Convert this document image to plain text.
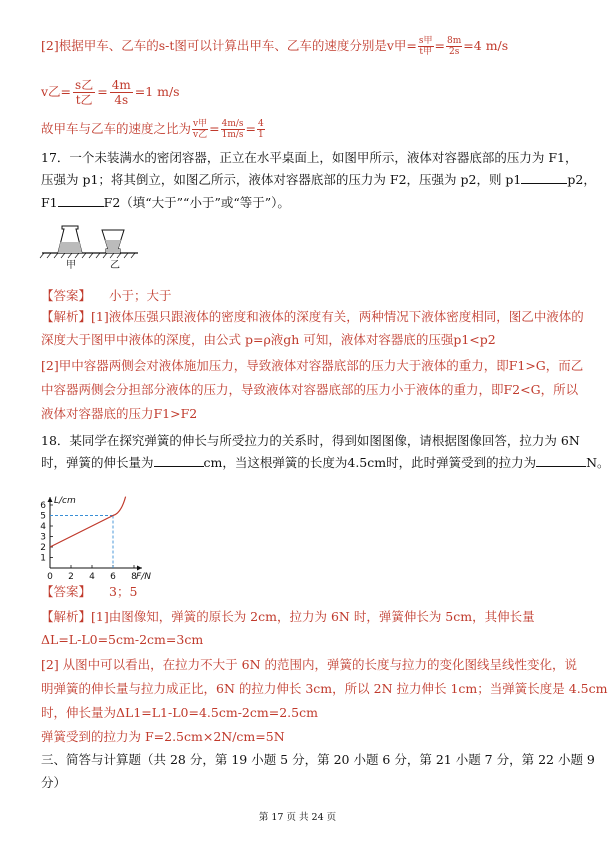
[2]根据甲车、乙车的s-t图可以计算出甲车、乙车的速度分别是v甲= $\frac{\text{s甲}}{\text{t甲}} = \frac{8m}{2s} =4$ m/s
v乙= s乙
t乙
= $\frac{4m}{4s} =1$ m/s
故甲车与乙车的速度之比为 $\frac{\text{v甲}}{\text{v乙}} = \frac{4m/s}{1m/s} = \frac{4}{1}$
17．一个未装满水的密闭容器，正立在水平桌面上，如图甲所示，液体对容器底部的压力为 F1，
压强为 p1；将其倒立，如图乙所示，液体对容器底部的压力为 F2，压强为 p2，则 p1	p2，
F1	F2（填“大于”“小于”或“等于”）。
甲	乙
【答案】 小于；大于
【解析】[1]液体压强只跟液体的密度和液体的深度有关，两种情况下液体密度相同，图乙中液体的
深度大于图甲中液体的深度，由公式 p=ρ液gh 可知，液体对容器底的压强p1<p2
[2]甲中容器两侧会对液体施加压力，导致液体对容器底部的压力大于液体的重力，即F1>G，而乙
中容器两侧会分担部分液体的压力，导致液体对容器底部的压力小于液体的重力，即F2<G，所以
液体对容器底的压力F1>F2
18．某同学在探究弹簧的伸长与所受拉力的关系时，得到如图图像，请根据图像回答，拉力为 6N
时，弹簧的伸长量为	cm，当这根弹簧的长度为4.5cm时，此时弹簧受到的拉力为	N。
0 2 4 6 8
1
2
3
4
5
6 L/cm
F/N
【答案】 3；5
【解析】[1]由图像知，弹簧的原长为 2cm，拉力为 6N 时，弹簧伸长为 5cm，其伸长量
ΔL=L-L0=5cm-2cm=3cm
[2] 从图中可以看出，在拉力不大于 6N 的范围内，弹簧的长度与拉力的变化图线呈线性变化，说
明弹簧的伸长量与拉力成正比，6N 的拉力伸长 3cm，所以 2N 拉力伸长 1cm；当弹簧长度是 4.5cm
时，伸长量为ΔL1=L1-L0=4.5cm-2cm=2.5cm
弹簧受到的拉力为 F=2.5cm×2N/cm=5N
三、简答与计算题（共 28 分，第 19 小题 5 分，第 20 小题 6 分，第 21 小题 7 分，第 22 小题 9
分）
第 17 页 共 24 页
